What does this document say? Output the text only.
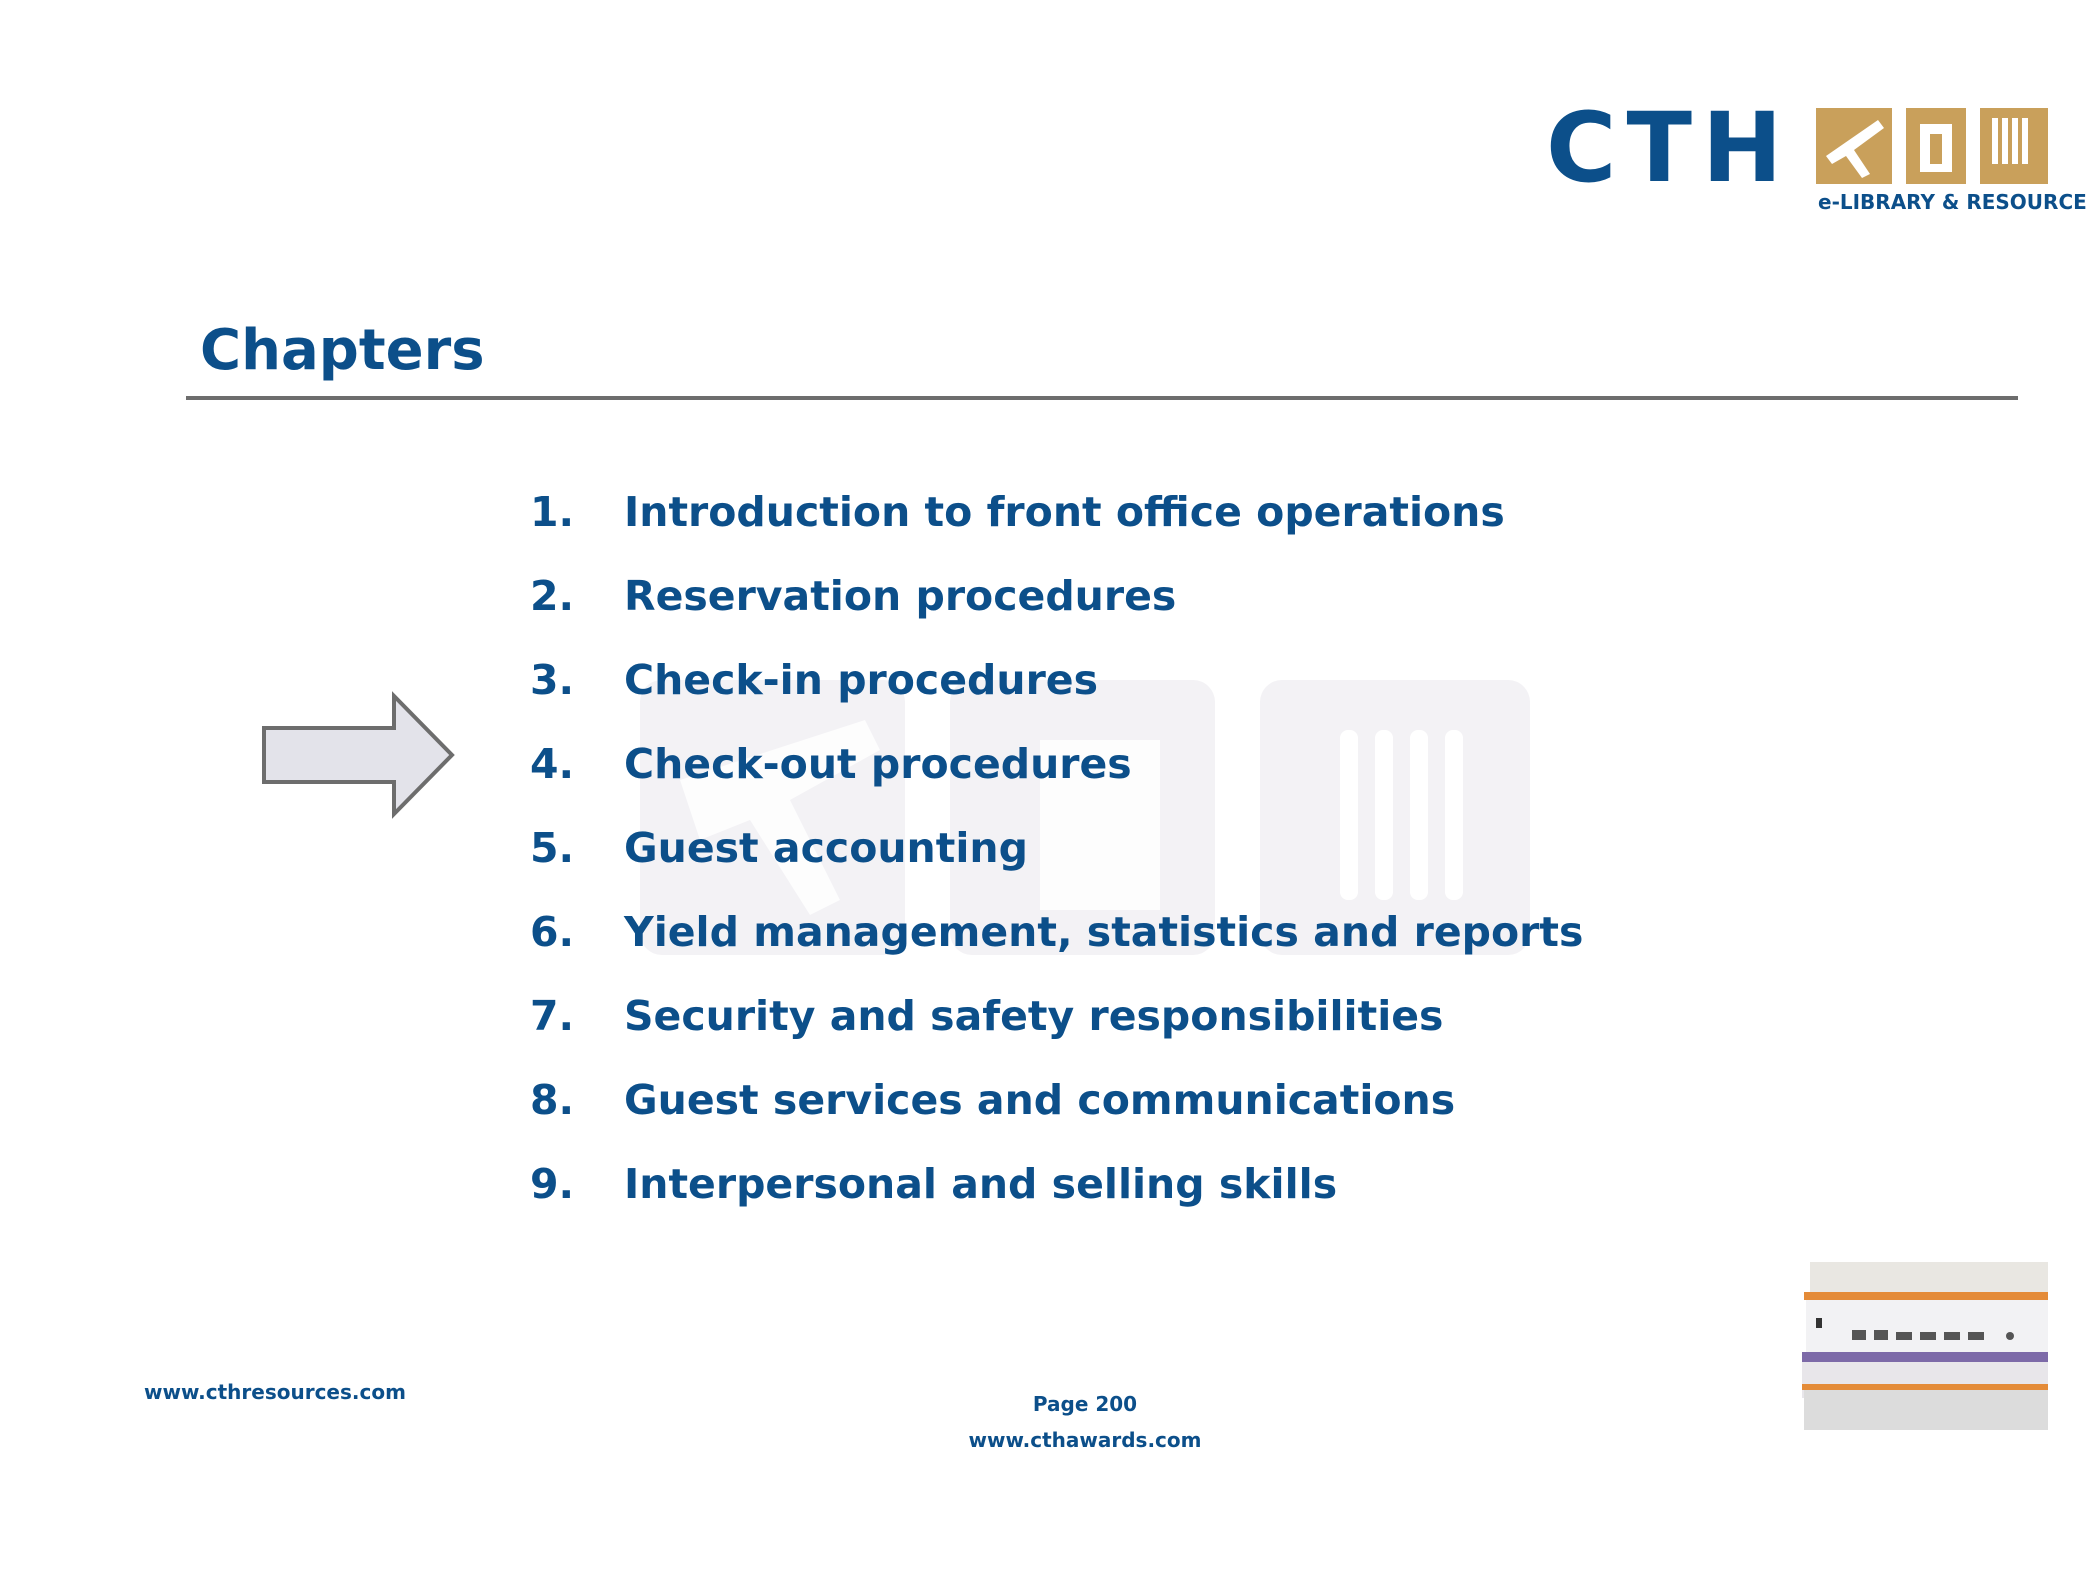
CTH e-LIBRARY & RESOURCE
Chapters
1.	Introduction to front office operations
2.	Reservation procedures
3.	Check-in procedures
4.	Check-out procedures
5.	Guest accounting
6.	Yield management, statistics and reports
7.	Security and safety responsibilities
8.	Guest services and communications
9.	Interpersonal and selling skills
www.cthresources.com	Page 200
www.cthawards.com
